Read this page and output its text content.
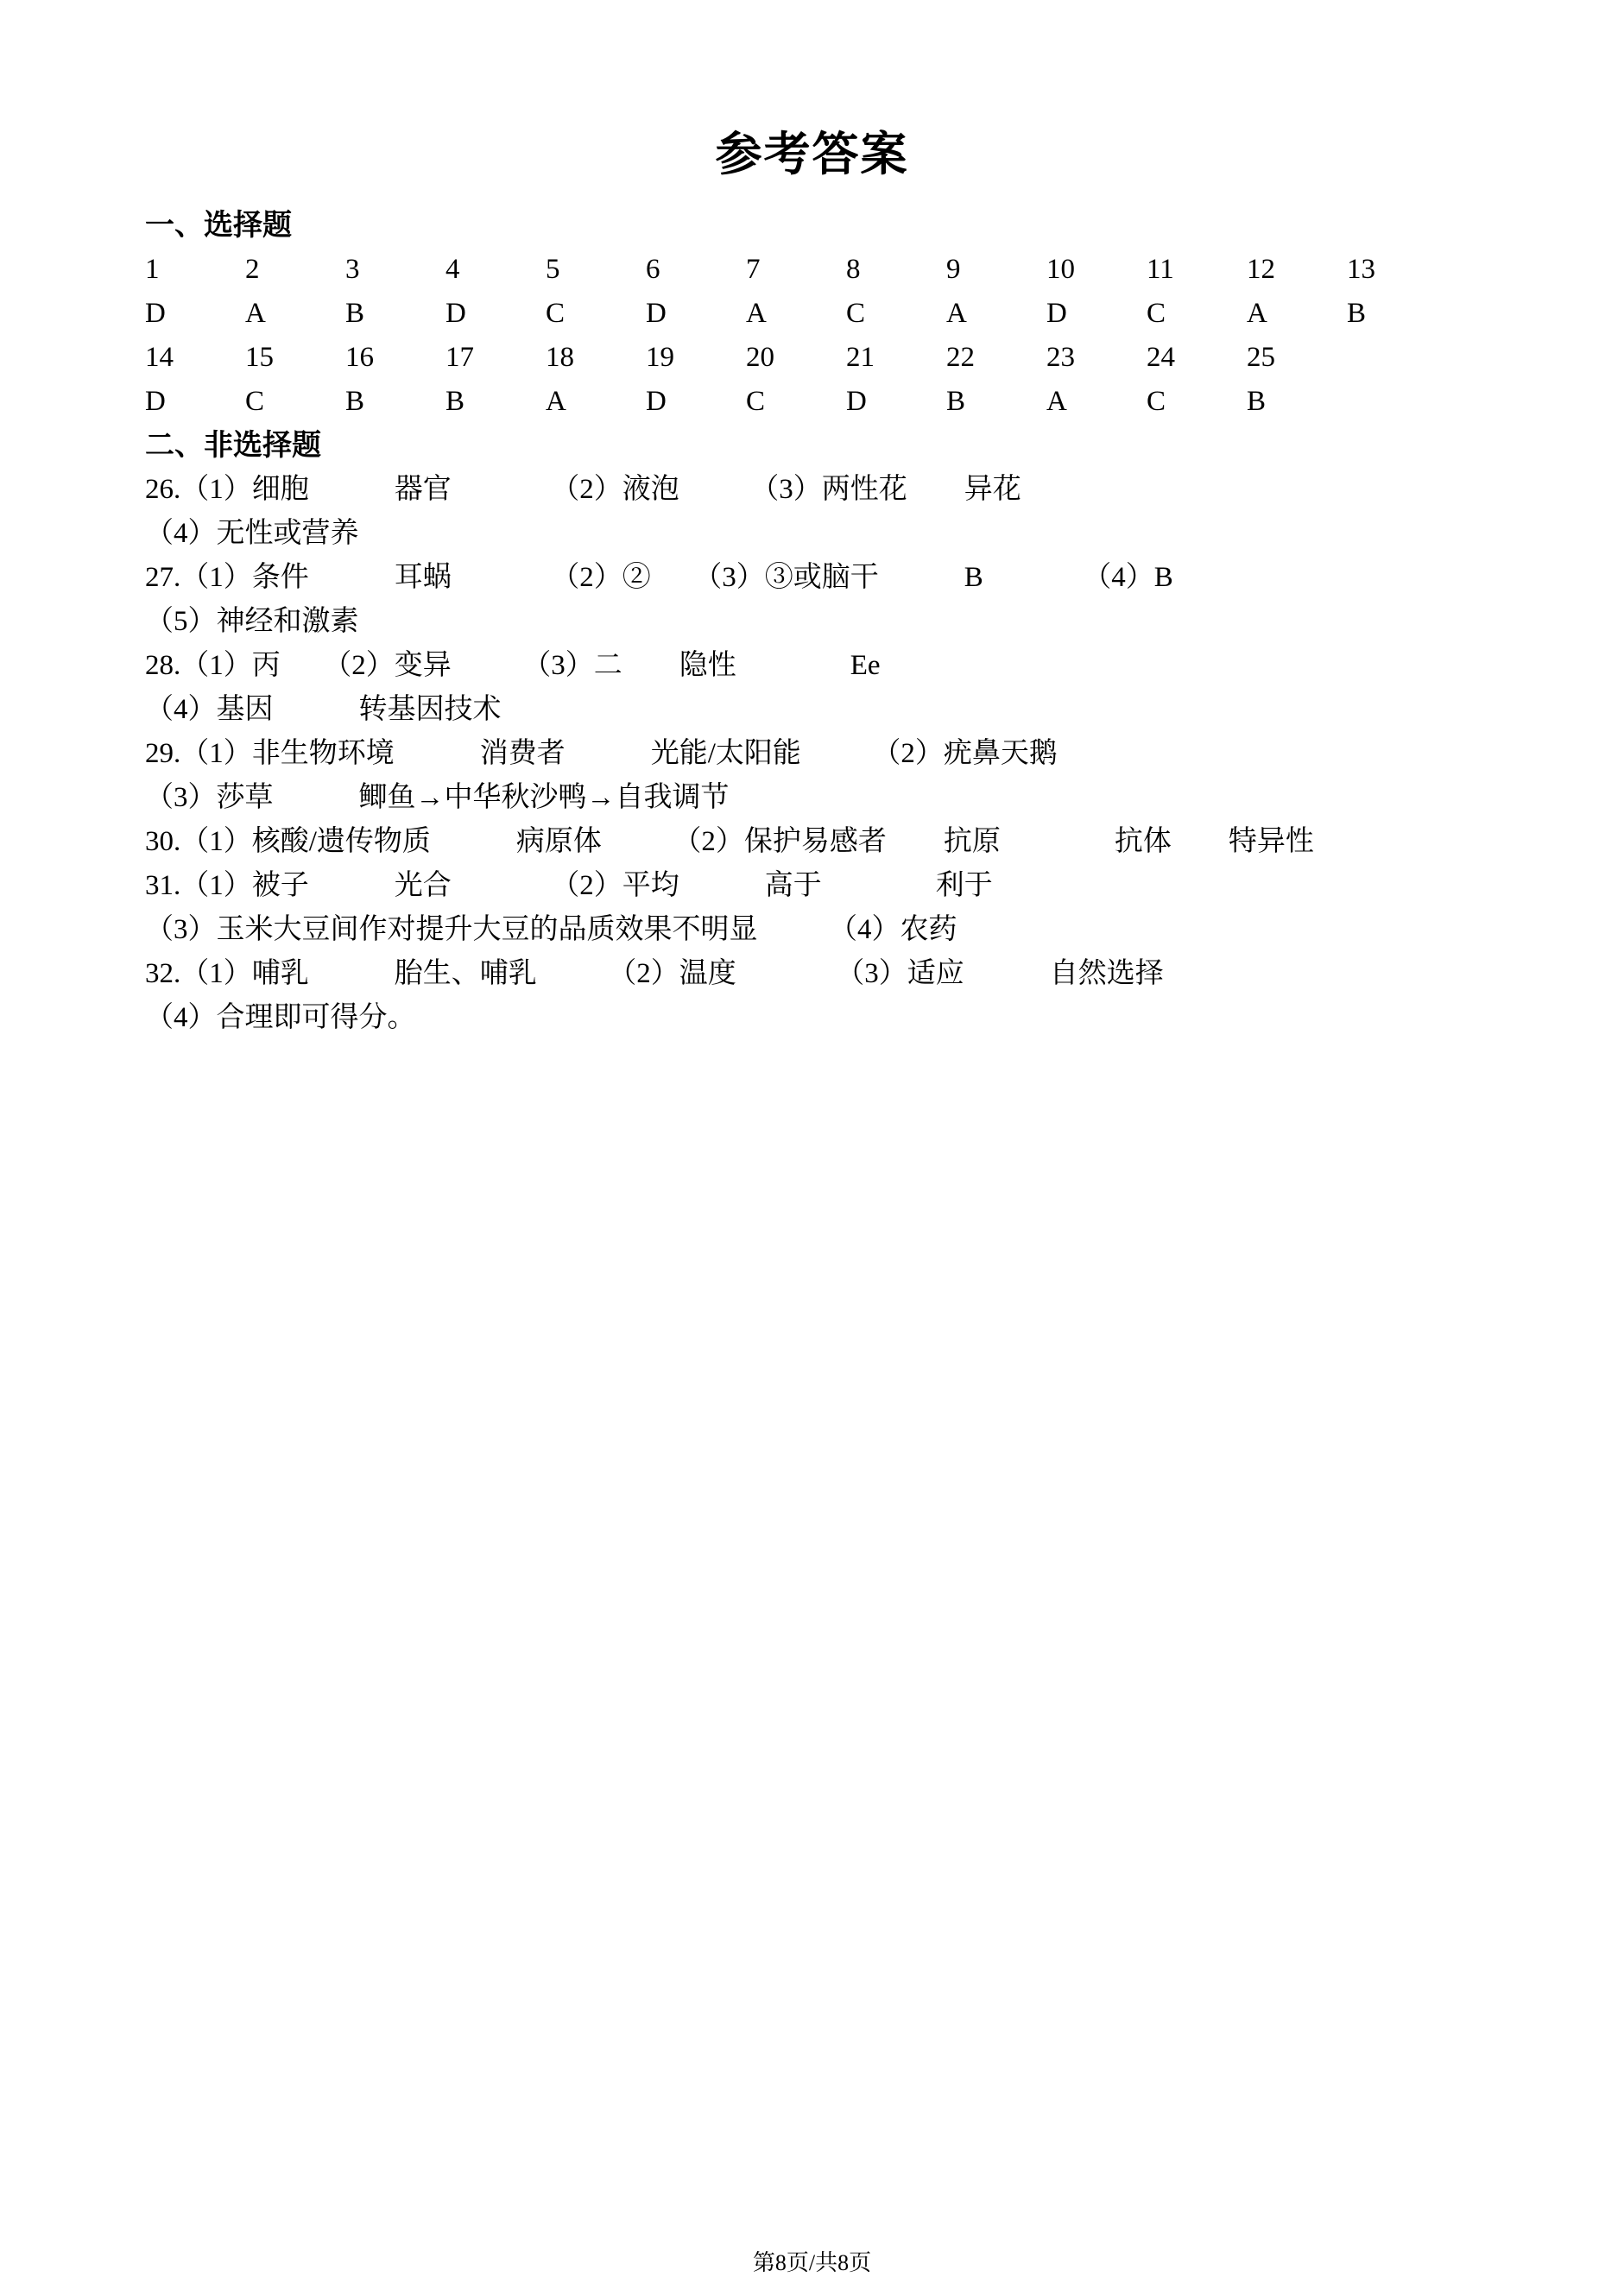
参考答案
一、选择题
1	2	3	4	5	6	7	8	9	10	11	12	13
D	A	B	D	C	D	A	C	A	D	C	A	B
14	15	16	17	18	19	20	21	22	23	24	25
D	C	B	B	A	D	C	D	B	A	C	B
二、非选择题
26.（1）细胞　　　器官　　　　（2）液泡　　　（3）两性花　　异花
（4）无性或营养
27.（1）条件　　　耳蜗　　　　（2）②　　（3）③或脑干　　　B　　　　（4）B
（5）神经和激素
28.（1）丙　　（2）变异　　　（3）二　　隐性　　　　Ee
（4）基因　　　转基因技术
29.（1）非生物环境　　　消费者　　　光能/太阳能　　　（2）疣鼻天鹅
（3）莎草　　　鲫鱼→中华秋沙鸭→自我调节
30.（1）核酸/遗传物质　　　病原体　　　（2）保护易感者　　抗原　　　　抗体　　特异性
31.（1）被子　　　光合　　　　（2）平均　　　高于　　　　利于
（3）玉米大豆间作对提升大豆的品质效果不明显　　　（4）农药
32.（1）哺乳　　　胎生、哺乳　　　（2）温度　　　　（3）适应　　　自然选择
（4）合理即可得分。
第8页/共8页
